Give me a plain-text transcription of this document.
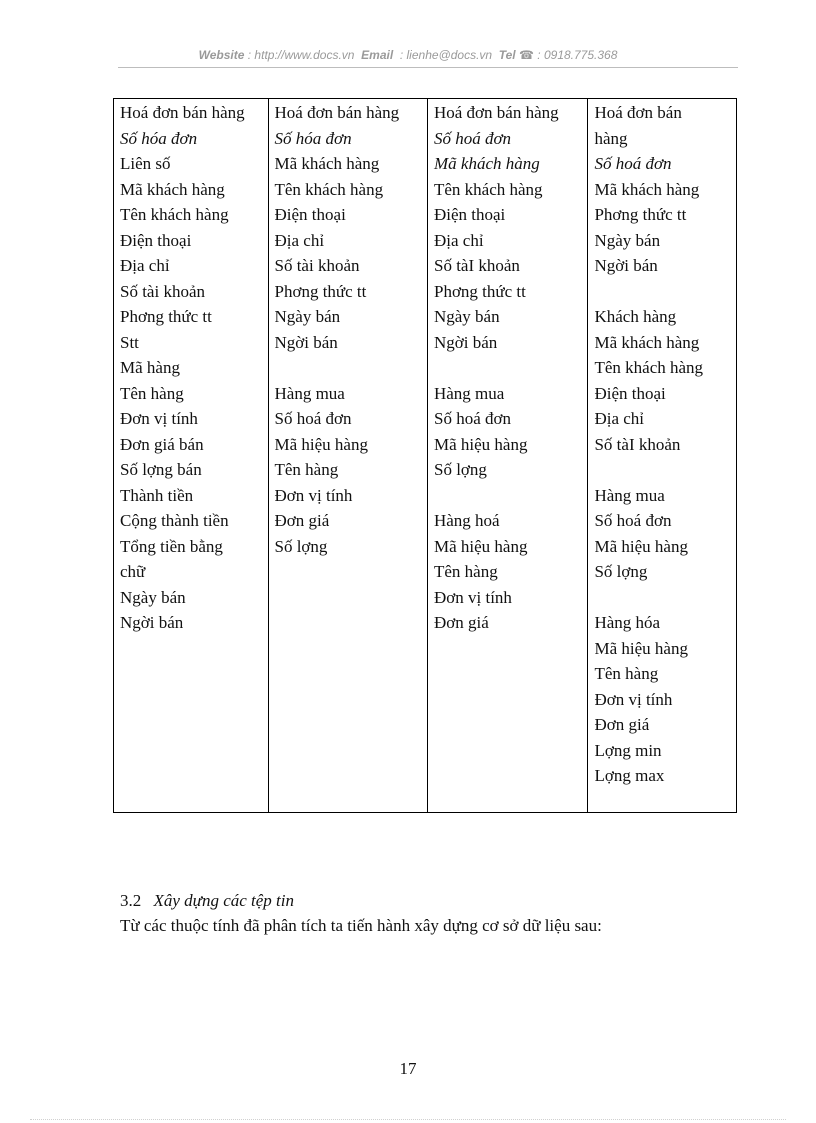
Website : http://www.docs.vn Email : lienhe@docs.vn Tel ☎ : 0918.775.368
Hoá đơn bán hàng
Số hóa đơn
Liên số
Mã khách hàng
Tên khách hàng
Điện thoại
Địa chỉ
Số tài khoản
Phơng thức tt
Stt
Mã hàng
Tên hàng
Đơn vị tính
Đơn giá bán
Số lợng bán
Thành tiền
Cộng thành tiền
Tổng tiền bằng
chữ
Ngày bán
Ngời bán
Hoá đơn bán hàng
Số hóa đơn
Mã khách hàng
Tên khách hàng
Điện thoại
Địa chỉ
Số tài khoản
Phơng thức tt
Ngày bán
Ngời bán
Hàng mua
Số hoá đơn
Mã hiệu hàng
Tên hàng
Đơn vị tính
Đơn giá
Số lợng
Hoá đơn bán hàng
Số hoá đơn
Mã khách hàng
Tên khách hàng
Điện thoại
Địa chỉ
Số tàI khoản
Phơng thức tt
Ngày bán
Ngời bán
Hàng mua
Số hoá đơn
Mã hiệu hàng
Số lợng
Hàng hoá
Mã hiệu hàng
Tên hàng
Đơn vị tính
Đơn giá
Hoá đơn bán
hàng
Số hoá đơn
Mã khách hàng
Phơng thức tt
Ngày bán
Ngời bán
Khách hàng
Mã khách hàng
Tên khách hàng
Điện thoại
Địa chỉ
Số tàI khoản
Hàng mua
Số hoá đơn
Mã hiệu hàng
Số lợng
Hàng hóa
Mã hiệu hàng
Tên hàng
Đơn vị tính
Đơn giá
Lợng min
Lợng max
3.2 Xây dựng các tệp tin
Từ các thuộc tính đã phân tích ta tiến hành xây dựng cơ sở dữ liệu sau:
17
